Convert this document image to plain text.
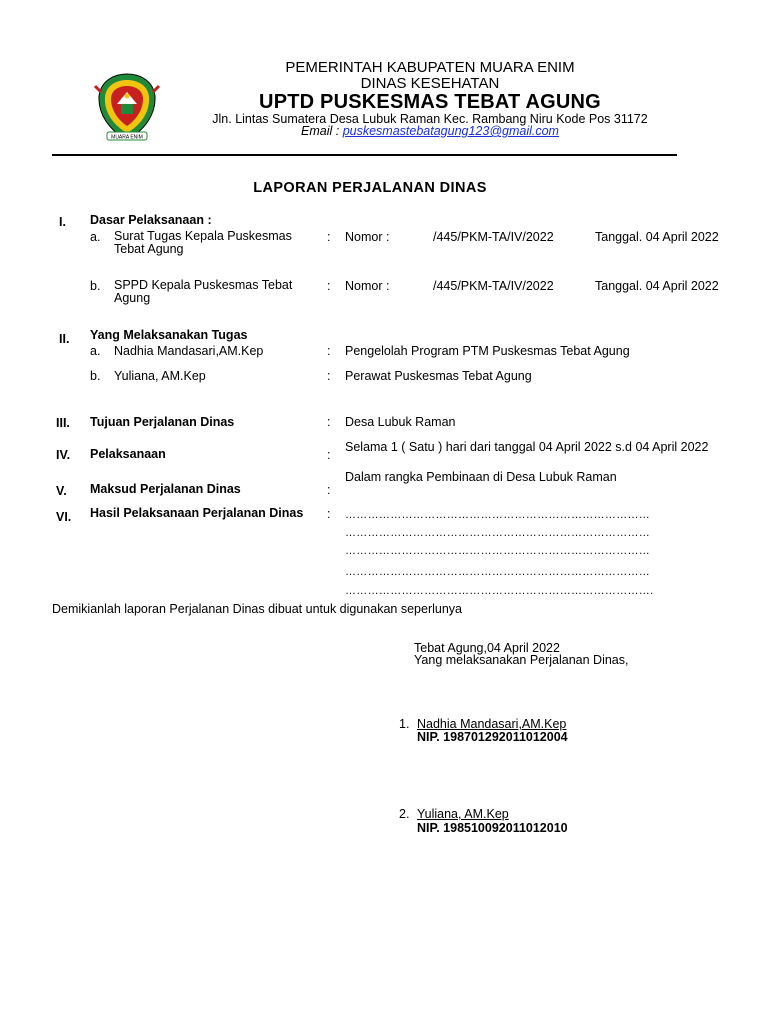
MUARA ENIM
PEMERINTAH KABUPATEN MUARA ENIM
DINAS KESEHATAN
UPTD PUSKESMAS TEBAT AGUNG
Jln. Lintas Sumatera Desa Lubuk Raman Kec. Rambang Niru Kode Pos 31172
Email : puskesmastebatagung123@gmail.com
LAPORAN PERJALANAN DINAS
I. Dasar Pelaksanaan :
a. Surat Tugas Kepala Puskesmas Tebat Agung
: Nomor :	/445/PKM-TA/IV/2022	Tanggal. 04 April 2022
b. SPPD Kepala Puskesmas Tebat Agung
: Nomor :	/445/PKM-TA/IV/2022	Tanggal. 04 April 2022
II. Yang Melaksanakan Tugas
a. Nadhia Mandasari,AM.Kep	: Pengelolah Program PTM Puskesmas Tebat Agung
b. Yuliana, AM.Kep	: Perawat Puskesmas Tebat Agung
III. Tujuan Perjalanan Dinas	: Desa Lubuk Raman
IV. Pelaksanaan	:
Selama 1 ( Satu ) hari dari tanggal 04 April 2022 s.d 04 April 2022
V. Maksud Perjalanan Dinas	:
Dalam rangka Pembinaan di Desa Lubuk Raman
VI. Hasil Pelaksanaan Perjalanan Dinas : ………………………………………………………………………
………………………………………………………………………
………………………………………………………………………
………………………………………………………………………
……………………………………………………………………….
Demikianlah laporan Perjalanan Dinas dibuat untuk digunakan seperlunya
Tebat Agung,04 April 2022
Yang melaksanakan Perjalanan Dinas,
1. Nadhia Mandasari,AM.Kep
NIP. 198701292011012004
2. Yuliana, AM.Kep
NIP. 198510092011012010
